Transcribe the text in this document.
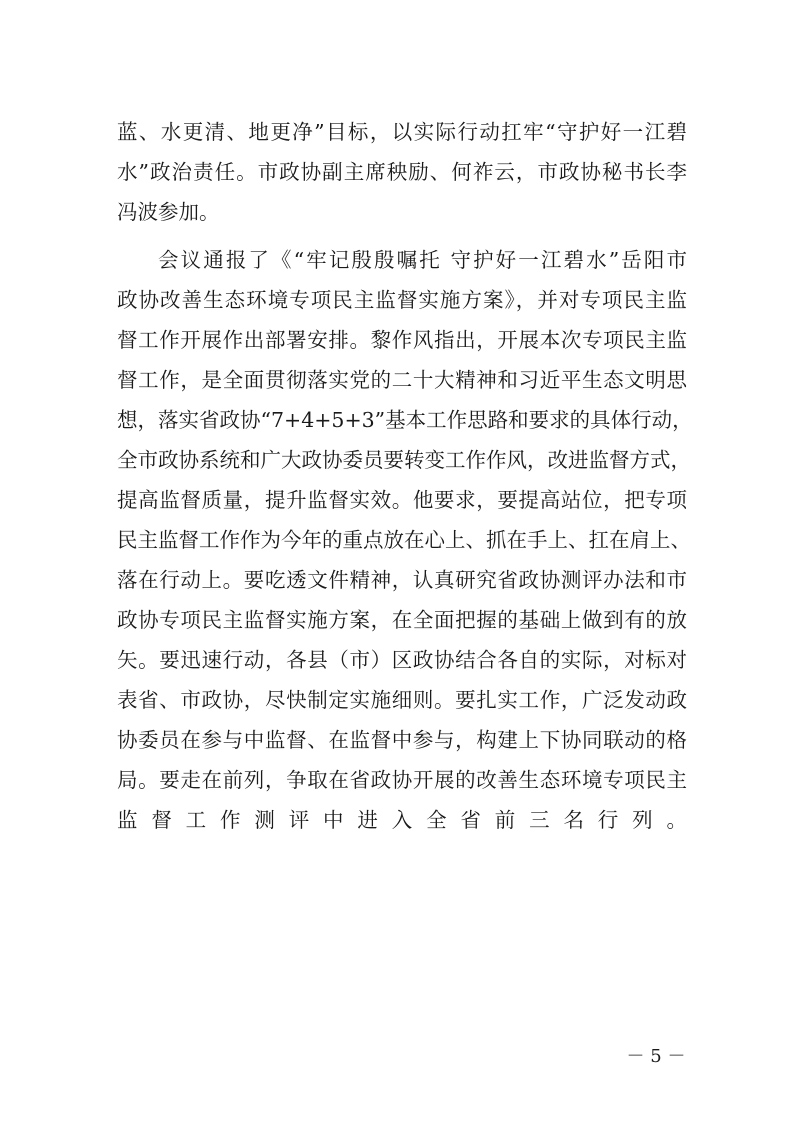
蓝、水更清、地更净”目标，以实际行动扛牢“守护好一江碧
水”政治责任。市政协副主席秧励、何祚云，市政协秘书长李
冯波参加。
会议通报了《“牢记殷殷嘱托 守护好一江碧水”岳阳市
政协改善生态环境专项民主监督实施方案》，并对专项民主监
督工作开展作出部署安排。黎作风指出，开展本次专项民主监
督工作，是全面贯彻落实党的二十大精神和习近平生态文明思
想，落实省政协“7+4+5+3”基本工作思路和要求的具体行动，
全市政协系统和广大政协委员要转变工作作风，改进监督方式，
提高监督质量，提升监督实效。他要求，要提高站位，把专项
民主监督工作作为今年的重点放在心上、抓在手上、扛在肩上、
落在行动上。要吃透文件精神，认真研究省政协测评办法和市
政协专项民主监督实施方案，在全面把握的基础上做到有的放
矢。要迅速行动，各县（市）区政协结合各自的实际，对标对
表省、市政协，尽快制定实施细则。要扎实工作，广泛发动政
协委员在参与中监督、在监督中参与，构建上下协同联动的格
局。要走在前列，争取在省政协开展的改善生态环境专项民主
监督工作测评中进入全省前三名行列。
－ 5 －
